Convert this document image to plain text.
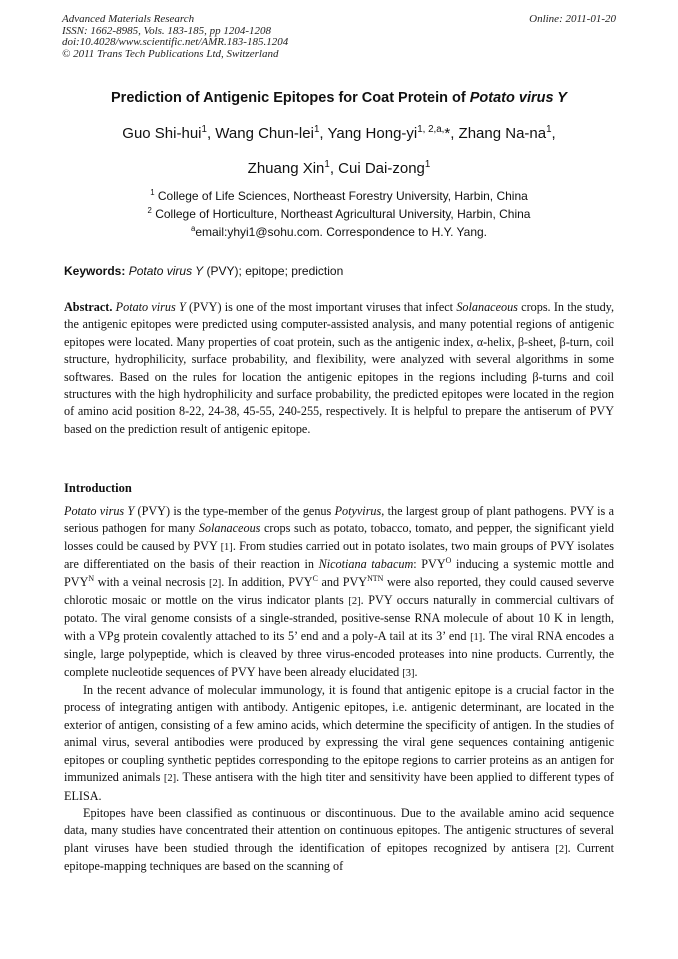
Advanced Materials Research
ISSN: 1662-8985, Vols. 183-185, pp 1204-1208
doi:10.4028/www.scientific.net/AMR.183-185.1204
© 2011 Trans Tech Publications Ltd, Switzerland
Online: 2011-01-20
Prediction of Antigenic Epitopes for Coat Protein of Potato virus Y
Guo Shi-hui$^1$, Wang Chun-lei$^1$, Yang Hong-$yi^{1, 2,a,}*$, Zhang $Na-na^1$,
Zhuang Xin$^1$, Cui Dai-zong$^1$
$^1$ College of Life Sciences, Northeast Forestry University, Harbin, China
$^2$ College of Horticulture, Northeast Agricultural University, Harbin, China
$^a$email:yhyi1@sohu.com. Correspondence to H.Y. Yang.
Keywords: Potato virus Y (PVY); epitope; prediction
Abstract. Potato virus Y (PVY) is one of the most important viruses that infect Solanaceous crops. In the study, the antigenic epitopes were predicted using computer-assisted analysis, and many potential regions of antigenic epitopes were located. Many properties of coat protein, such as the antigenic index, α-helix, β-sheet, β-turn, coil structure, hydrophilicity, surface probability, and flexibility, were analyzed with several algorithms in some softwares. Based on the rules for location the antigenic epitopes in the regions including β-turns and coil structures with the high hydrophilicity and surface probability, the predicted epitopes were located in the region of amino acid position 8-22, 24-38, 45-55, 240-255, respectively. It is helpful to prepare the antiserum of PVY based on the prediction result of antigenic epitope.
Introduction

Potato virus Y (PVY) is the type-member of the genus Potyvirus, the largest group of plant pathogens. PVY is a serious pathogen for many Solanaceous crops such as potato, tobacco, tomato, and pepper, the significant yield losses could be caused by PVY [1]. From studies carried out in potato isolates, two main groups of PVY isolates are differentiated on the basis of their reaction in Nicotiana tabacum: $PVY^O$ inducing a systemic mottle and $PVY^N$ with a veinal necrosis [2]. In addition, $PVY^C$ and $PVY^{NTN}$ were also reported, they could caused severve chlorotic mosaic or mottle on the virus indicator plants [2]. PVY occurs naturally in commercial cultivars of potato. The viral genome consists of a single-stranded, positive-sense RNA molecule of about 10 K in length, with a VPg protein covalently attached to its 5’ end and a poly-A tail at its 3’ end [1]. The viral RNA encodes a single, large polypeptide, which is cleaved by three virus-encoded proteases into nine products. Currently, the complete nucleotide sequences of PVY have been already elucidated [3].

In the recent advance of molecular immunology, it is found that antigenic epitope is a crucial factor in the process of integrating antigen with antibody. Antigenic epitopes, i.e. antigenic determinant, are located in the exterior of antigen, consisting of a few amino acids, which determine the specificity of antigen. In the studies of animal virus, several antibodies were produced by expressing the viral gene sequences containing antigenic epitopes or coupling synthetic peptides corresponding to the epitope regions to carrier proteins as an antigen for immunized animals [2]. These antisera with the high titer and sensitivity have been applied to different types of ELISA.

Epitopes have been classified as continuous or discontinuous. Due to the available amino acid sequence data, many studies have concentrated their attention on continuous epitopes. The antigenic structures of several plant viruses have been studied through the identification of epitopes recognized by antisera [2]. Current epitope-mapping techniques are based on the scanning of
